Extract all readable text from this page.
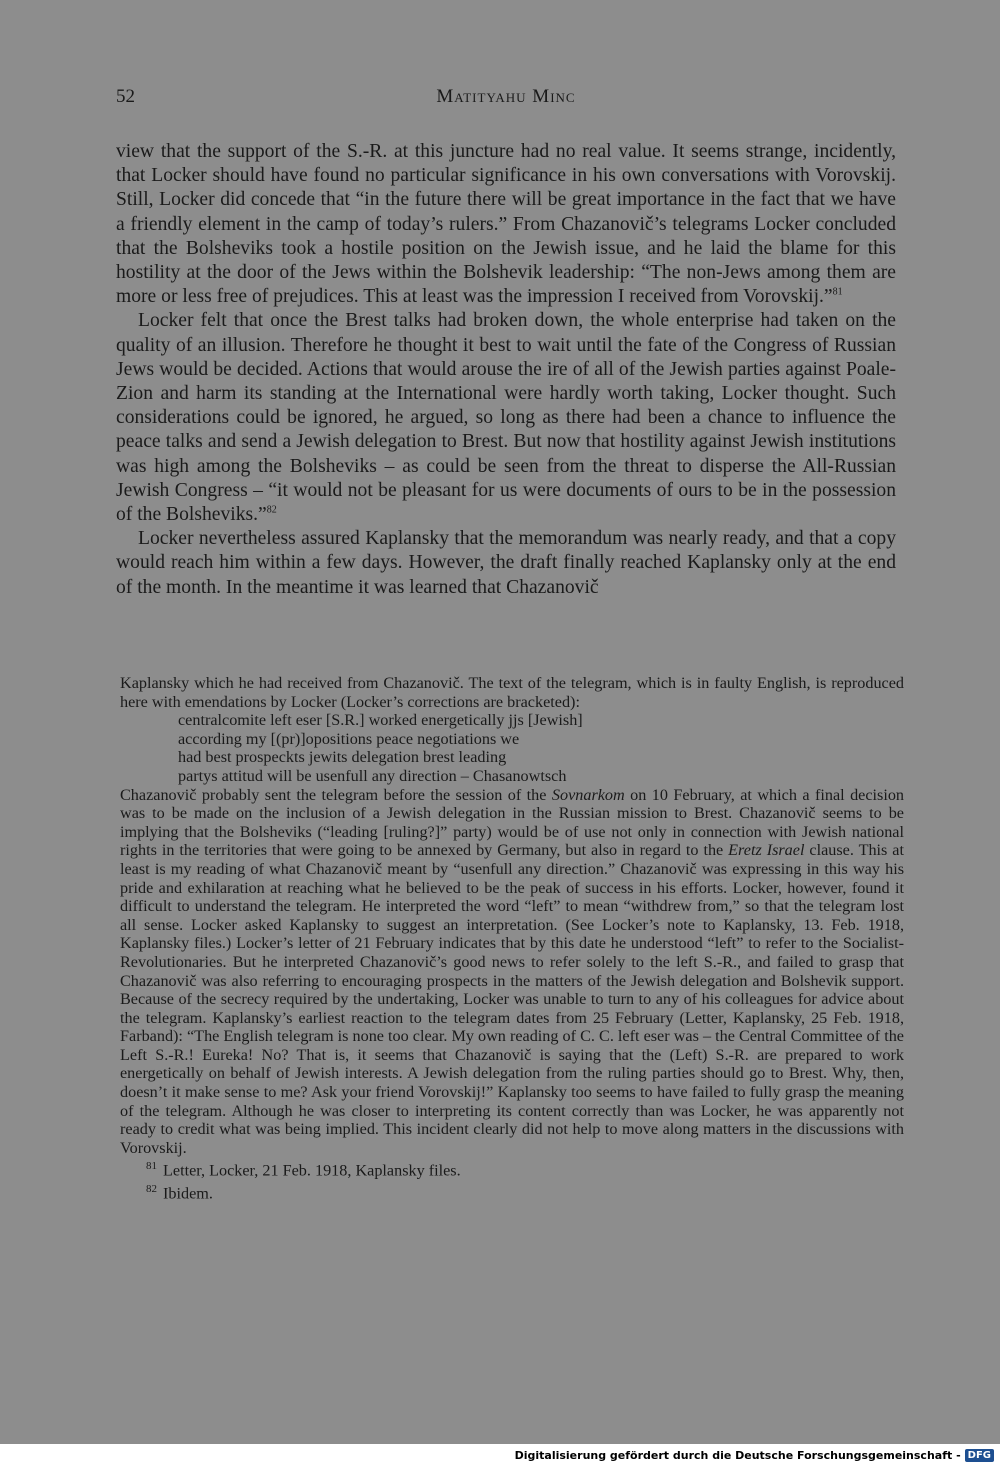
52	Matityahu Minc

view that the support of the S.-R. at this juncture had no real value. It seems strange, incidently, that Locker should have found no particular significance in his own conversations with Vorovskij. Still, Locker did concede that “in the future there will be great importance in the fact that we have a friendly element in the camp of today’s rulers.” From Chazanovič’s telegrams Locker concluded that the Bolsheviks took a hostile position on the Jewish issue, and he laid the blame for this hostility at the door of the Jews within the Bolshevik leadership: “The non-Jews among them are more or less free of prejudices. This at least was the impression I received from Vorovskij.”$^{81}$

Locker felt that once the Brest talks had broken down, the whole enterprise had taken on the quality of an illusion. Therefore he thought it best to wait until the fate of the Congress of Russian Jews would be decided. Actions that would arouse the ire of all of the Jewish parties against Poale-Zion and harm its standing at the International were hardly worth taking, Locker thought. Such considerations could be ignored, he argued, so long as there had been a chance to influence the peace talks and send a Jewish delegation to Brest. But now that hostility against Jewish institutions was high among the Bolsheviks – as could be seen from the threat to disperse the All-Russian Jewish Congress – “it would not be pleasant for us were documents of ours to be in the possession of the Bolsheviks.”$^{82}$

Locker nevertheless assured Kaplansky that the memorandum was nearly ready, and that a copy would reach him within a few days. However, the draft finally reached Kaplansky only at the end of the month. In the meantime it was learned that Chazanovič

Kaplansky which he had received from Chazanovič. The text of the telegram, which is in faulty English, is reproduced here with emendations by Locker (Locker’s corrections are bracketed):

centralcomite left eser [S.R.] worked energetically jjs [Jewish]
according my [(pr)]opositions peace negotiations we
had best prospeckts jewits delegation brest leading
partys attitud will be usenfull any direction – Chasanowtsch

Chazanovič probably sent the telegram before the session of the Sovnarkom on 10 February, at which a final decision was to be made on the inclusion of a Jewish delegation in the Russian mission to Brest. Chazanovič seems to be implying that the Bolsheviks (“leading [ruling?]” party) would be of use not only in connection with Jewish national rights in the territories that were going to be annexed by Germany, but also in regard to the Eretz Israel clause. This at least is my reading of what Chazanovič meant by “usenfull any direction.” Chazanovič was expressing in this way his pride and exhilaration at reaching what he believed to be the peak of success in his efforts. Locker, however, found it difficult to understand the telegram. He interpreted the word “left” to mean “withdrew from,” so that the telegram lost all sense. Locker asked Kaplansky to suggest an interpretation. (See Locker’s note to Kaplansky, 13. Feb. 1918, Kaplansky files.) Locker’s letter of 21 February indicates that by this date he understood “left” to refer to the Socialist-Revolutionaries. But he interpreted Chazanovič’s good news to refer solely to the left S.-R., and failed to grasp that Chazanovič was also referring to encouraging prospects in the matters of the Jewish delegation and Bolshevik support. Because of the secrecy required by the undertaking, Locker was unable to turn to any of his colleagues for advice about the telegram. Kaplansky’s earliest reaction to the telegram dates from 25 February (Letter, Kaplansky, 25 Feb. 1918, Farband): “The English telegram is none too clear. My own reading of C. C. left eser was – the Central Committee of the Left S.-R.! Eureka! No? That is, it seems that Chazanovič is saying that the (Left) S.-R. are prepared to work energetically on behalf of Jewish interests. A Jewish delegation from the ruling parties should go to Brest. Why, then, doesn’t it make sense to me? Ask your friend Vorovskij!” Kaplansky too seems to have failed to fully grasp the meaning of the telegram. Although he was closer to interpreting its content correctly than was Locker, he was apparently not ready to credit what was being implied. This incident clearly did not help to move along matters in the discussions with Vorovskij.

$^{81}$ Letter, Locker, 21 Feb. 1918, Kaplansky files.

$^{82}$ Ibidem.

Digitalisierung gefördert durch die Deutsche Forschungsgemeinschaft - DFG
